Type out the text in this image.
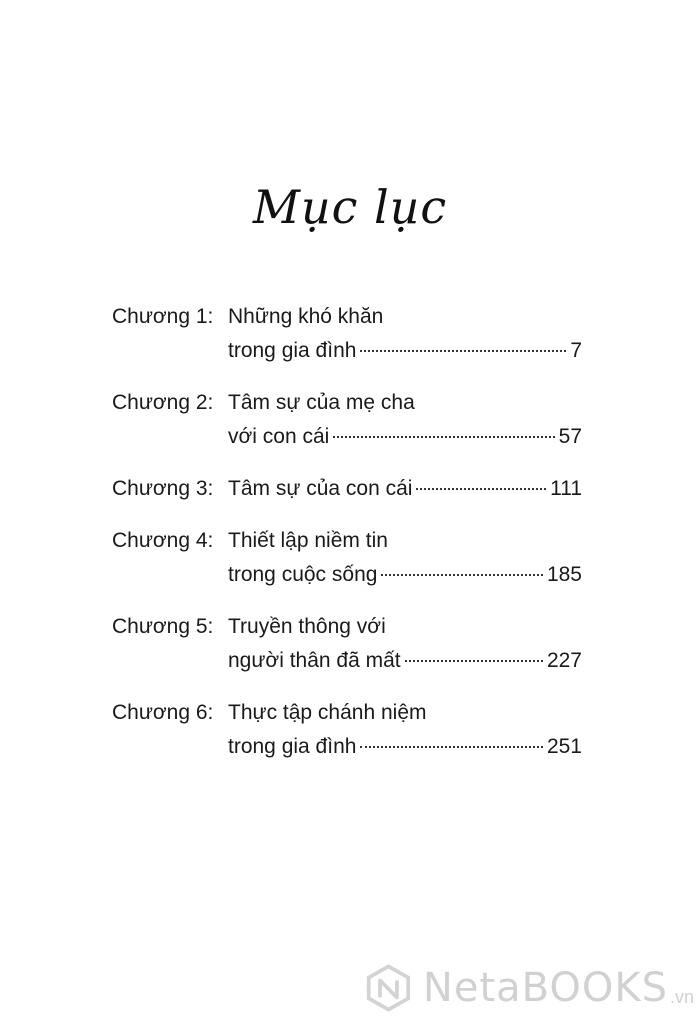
Mục lục
Chương 1: Những khó khăn
trong gia đình	7
Chương 2: Tâm sự của mẹ cha
với con cái	57
Chương 3: Tâm sự của con cái	111
Chương 4: Thiết lập niềm tin
trong cuộc sống	185
Chương 5: Truyền thông với
người thân đã mất	227
Chương 6: Thực tập chánh niệm
trong gia đình	251
NetaBOOKS .vn
